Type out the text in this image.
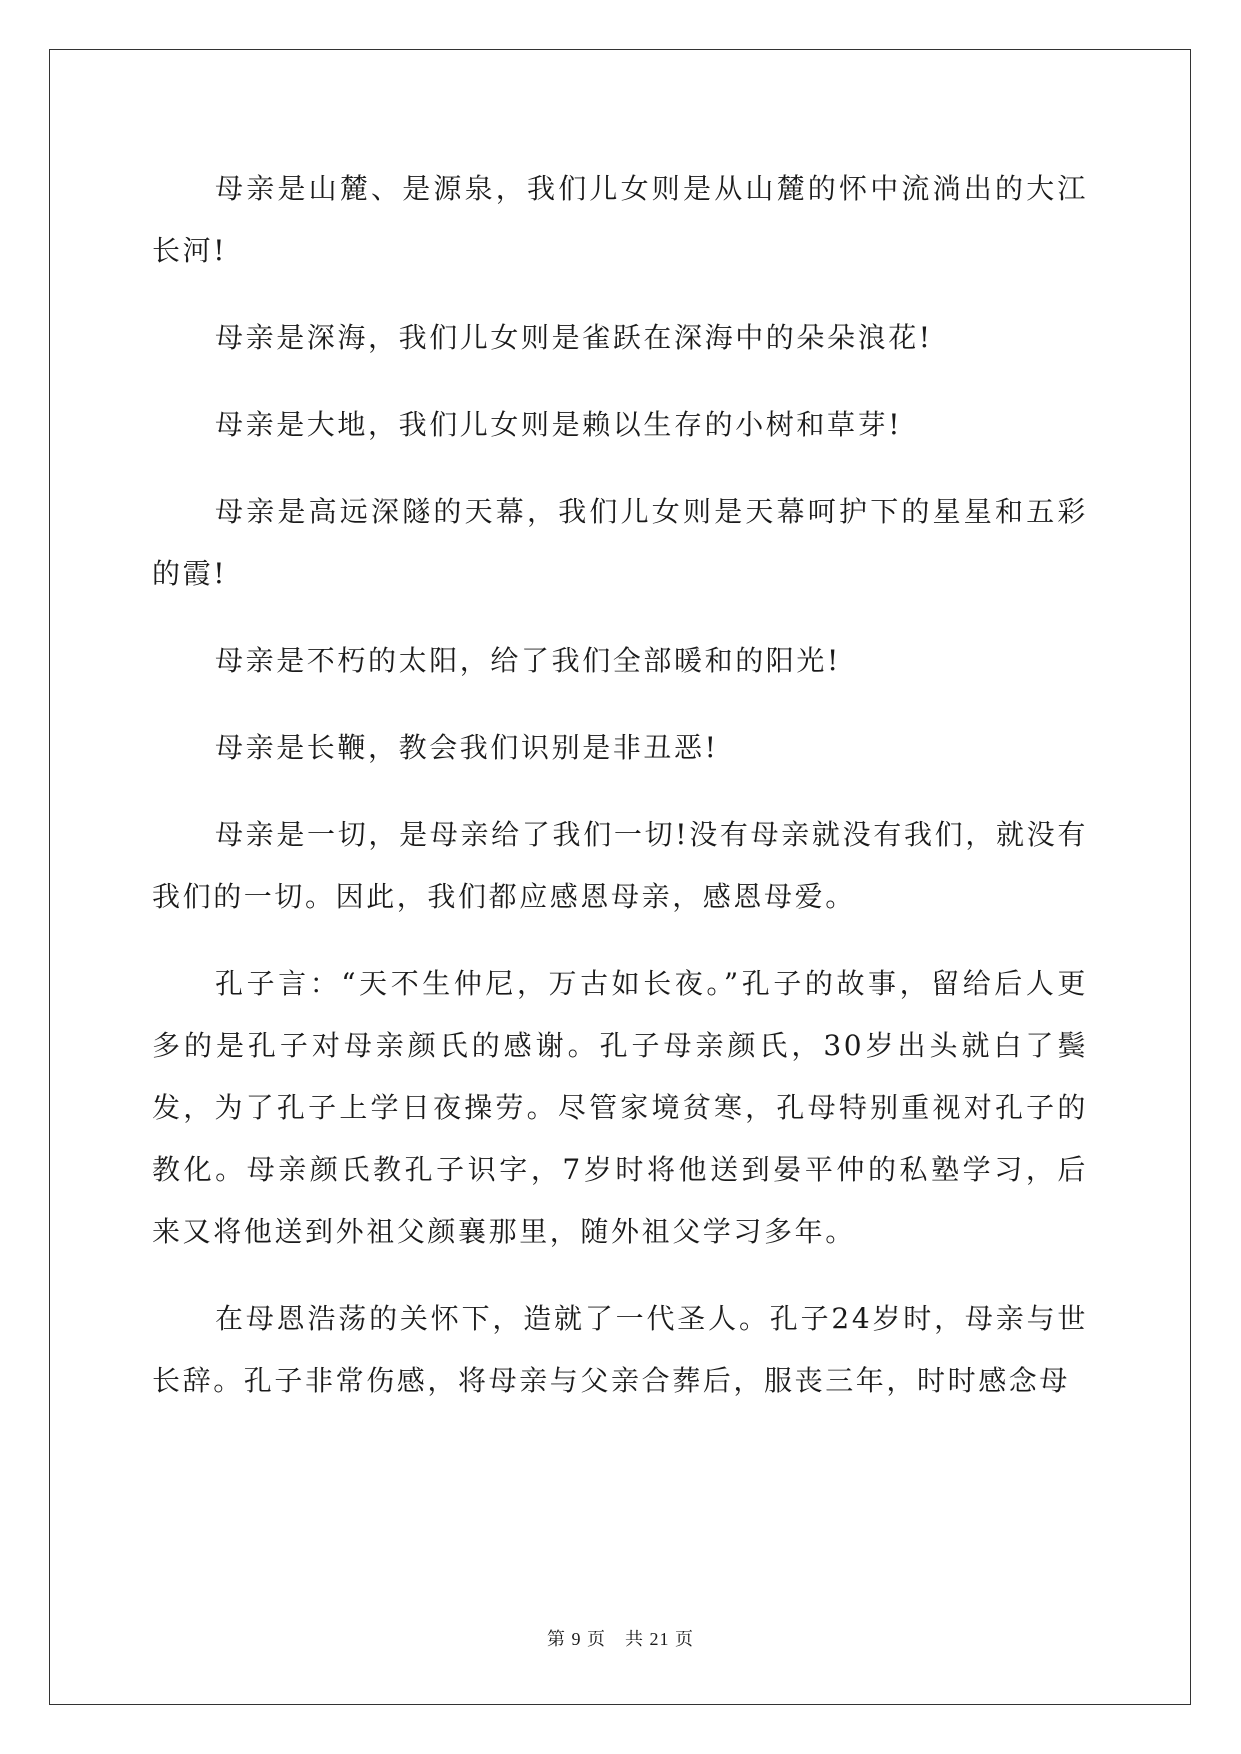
母亲是山麓、是源泉，我们儿女则是从山麓的怀中流淌出的大江长河!

母亲是深海，我们儿女则是雀跃在深海中的朵朵浪花!

母亲是大地，我们儿女则是赖以生存的小树和草芽!

母亲是高远深隧的天幕，我们儿女则是天幕呵护下的星星和五彩的霞!

母亲是不朽的太阳，给了我们全部暖和的阳光!

母亲是长鞭，教会我们识别是非丑恶!

母亲是一切，是母亲给了我们一切!没有母亲就没有我们，就没有我们的一切。因此，我们都应感恩母亲，感恩母爱。

孔子言：“天不生仲尼，万古如长夜。”孔子的故事，留给后人更多的是孔子对母亲颜氏的感谢。孔子母亲颜氏，30岁出头就白了鬓发，为了孔子上学日夜操劳。尽管家境贫寒，孔母特别重视对孔子的教化。母亲颜氏教孔子识字，7岁时将他送到晏平仲的私塾学习，后来又将他送到外祖父颜襄那里，随外祖父学习多年。

在母恩浩荡的关怀下，造就了一代圣人。孔子24岁时，母亲与世长辞。孔子非常伤感，将母亲与父亲合葬后，服丧三年，时时感念母

第 9 页　共 21 页
